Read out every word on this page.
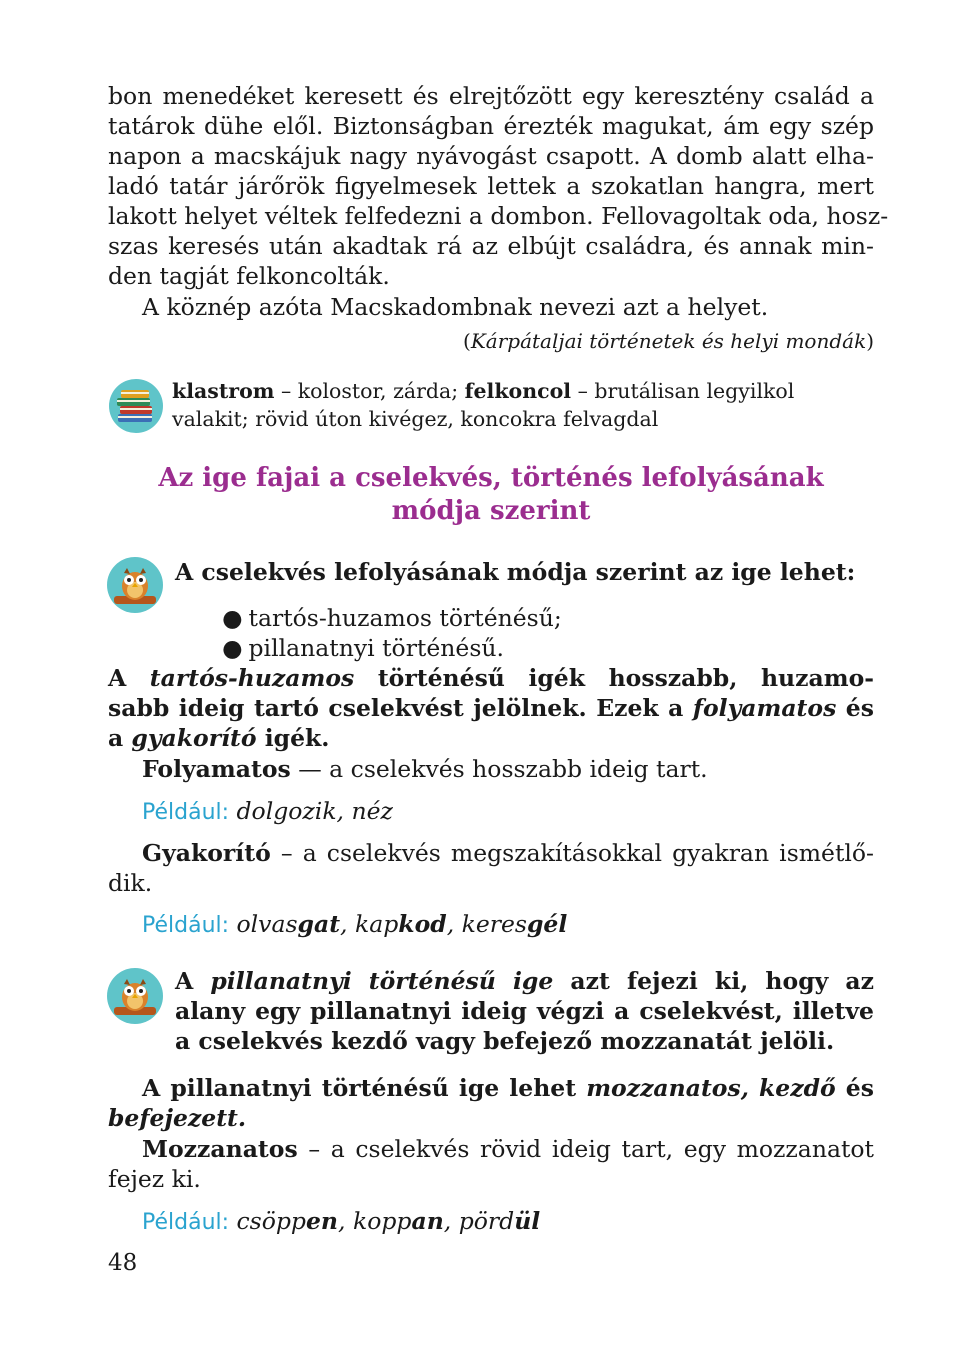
bon menedéket keresett és elrejtőzött egy keresztény család a
tatárok dühe elől. Biztonságban érezték magukat, ám egy szép
napon a macskájuk nagy nyávogást csapott. A domb alatt elha-
ladó tatár járőrök figyelmesek lettek a szokatlan hangra, mert
lakott helyet véltek felfedezni a dombon. Fellovagoltak oda, hosz-
szas keresés után akadtak rá az elbújt családra, és annak min-
den tagját felkoncolták.
A köznép azóta Macskadombnak nevezi azt a helyet.
(Kárpátaljai történetek és helyi mondák)
klastrom – kolostor, zárda; felkoncol – brutálisan legyilkol
valakit; rövid úton kivégez, koncokra felvagdal
Az ige fajai a cselekvés, történés lefolyásának
módja szerint
A cselekvés lefolyásának módja szerint az ige lehet:
● tartós-huzamos történésű;
● pillanatnyi történésű.
A tartós-huzamos történésű igék hosszabb, huzamo-
sabb ideig tartó cselekvést jelölnek. Ezek a folyamatos és
a gyakorító igék.
Folyamatos — a cselekvés hosszabb ideig tart.
Például: dolgozik, néz
Gyakorító – a cselekvés megszakításokkal gyakran ismétlő-
dik.
Például: olvasgat, kapkod, keresgél
A pillanatnyi történésű ige azt fejezi ki, hogy az
alany egy pillanatnyi ideig végzi a cselekvést, illetve
a cselekvés kezdő vagy befejező mozzanatát jelöli.
A pillanatnyi történésű ige lehet mozzanatos, kezdő és
befejezett.
Mozzanatos – a cselekvés rövid ideig tart, egy mozzanatot
fejez ki.
Például: csöppen, koppan, pördül
48
